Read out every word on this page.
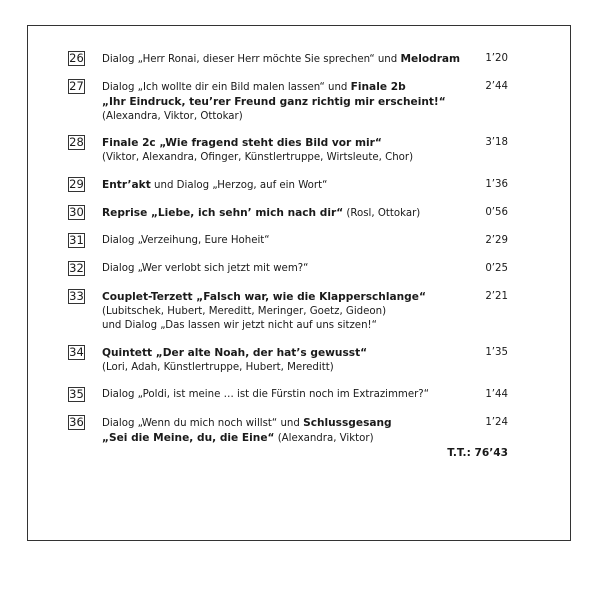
26 Dialog „Herr Ronai, dieser Herr möchte Sie sprechen“ und Melodram 1’20
27 Dialog „Ich wollte dir ein Bild malen lassen“ und Finale 2b
„Ihr Eindruck, teu’rer Freund ganz richtig mir erscheint!“
(Alexandra, Viktor, Ottokar)
2’44
28 Finale 2c „Wie fragend steht dies Bild vor mir“
(Viktor, Alexandra, Ofinger, Künstlertruppe, Wirtsleute, Chor)
3’18
29 Entr’akt und Dialog „Herzog, auf ein Wort“	1’36
30 Reprise „Liebe, ich sehn’ mich nach dir“ (Rosl, Ottokar)	0’56
31 Dialog „Verzeihung, Eure Hoheit“	2’29
32 Dialog „Wer verlobt sich jetzt mit wem?“	0’25
33 Couplet-Terzett „Falsch war, wie die Klapperschlange“
(Lubitschek, Hubert, Mereditt, Meringer, Goetz, Gideon)
und Dialog „Das lassen wir jetzt nicht auf uns sitzen!“
2’21
34 Quintett „Der alte Noah, der hat’s gewusst“
(Lori, Adah, Künstlertruppe, Hubert, Mereditt)
1’35
35 Dialog „Poldi, ist meine … ist die Fürstin noch im Extrazimmer?“	1’44
36 Dialog „Wenn du mich noch willst“ und Schlussgesang
„Sei die Meine, du, die Eine“ (Alexandra, Viktor)
1’24
T.T.: 76’43
